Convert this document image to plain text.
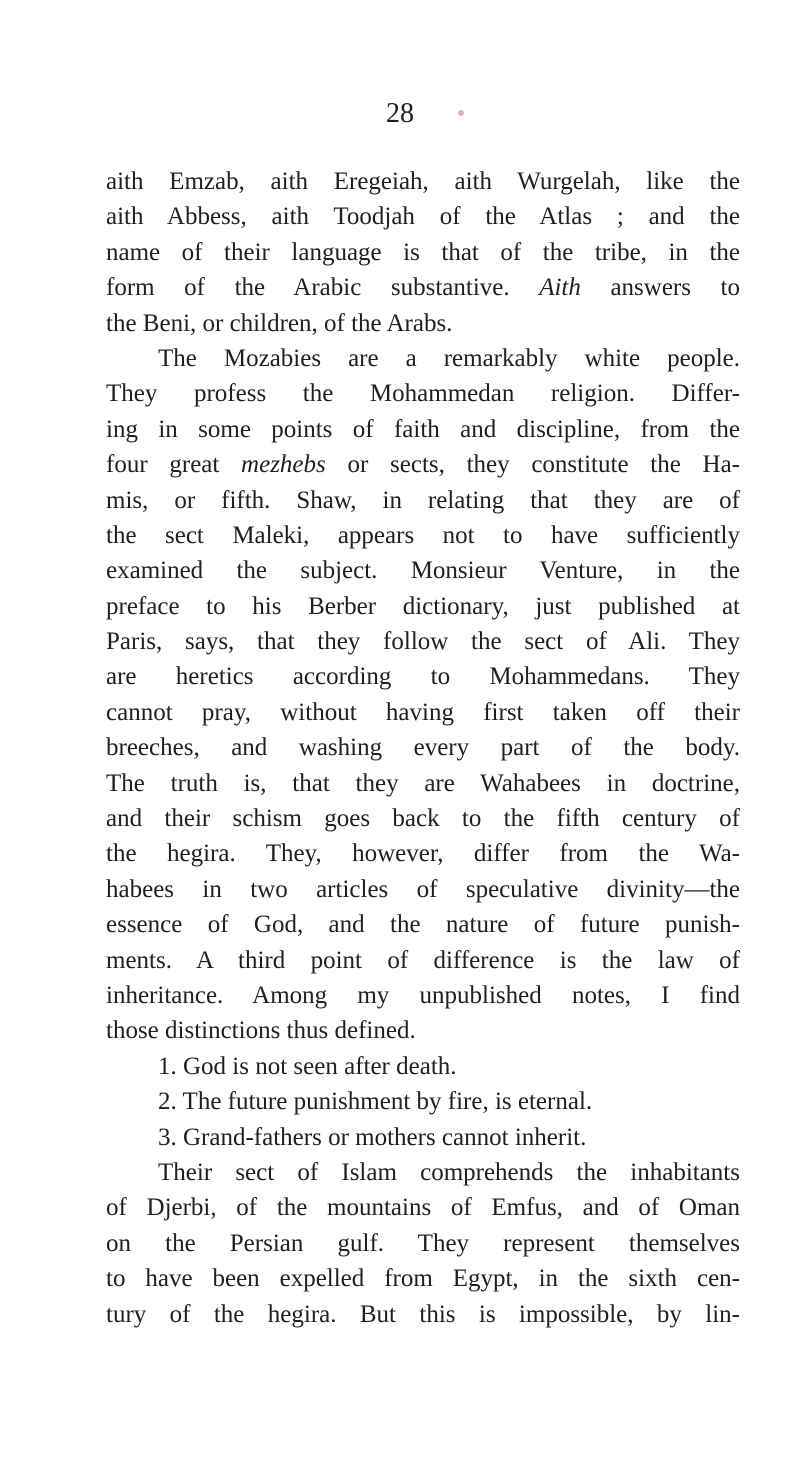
28
aith Emzab, aith Eregeiah, aith Wurgelah, like the
aith Abbess, aith Toodjah of the Atlas ; and the
name of their language is that of the tribe, in the
form of the Arabic substantive. Aith answers to
the Beni, or children, of the Arabs.
The Mozabies are a remarkably white people.
They profess the Mohammedan religion. Differ-
ing in some points of faith and discipline, from the
four great mezhebs or sects, they constitute the Ha-
mis, or fifth. Shaw, in relating that they are of
the sect Maleki, appears not to have sufficiently
examined the subject. Monsieur Venture, in the
preface to his Berber dictionary, just published at
Paris, says, that they follow the sect of Ali. They
are heretics according to Mohammedans. They
cannot pray, without having first taken off their
breeches, and washing every part of the body.
The truth is, that they are Wahabees in doctrine,
and their schism goes back to the fifth century of
the hegira. They, however, differ from the Wa-
habees in two articles of speculative divinity—the
essence of God, and the nature of future punish-
ments. A third point of difference is the law of
inheritance. Among my unpublished notes, I find
those distinctions thus defined.
1. God is not seen after death.
2. The future punishment by fire, is eternal.
3. Grand-fathers or mothers cannot inherit.
Their sect of Islam comprehends the inhabitants
of Djerbi, of the mountains of Emfus, and of Oman
on the Persian gulf. They represent themselves
to have been expelled from Egypt, in the sixth cen-
tury of the hegira. But this is impossible, by lin-
